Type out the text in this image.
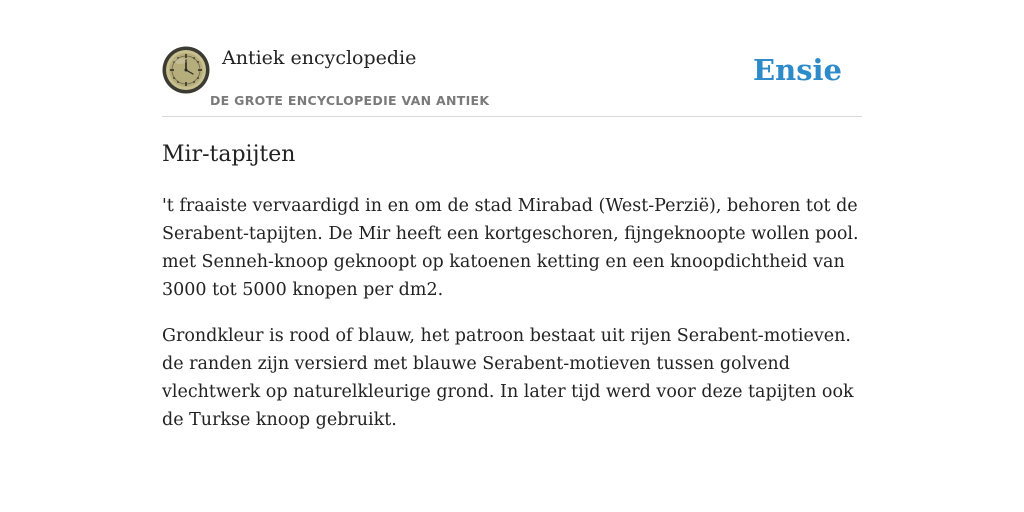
Antiek encyclopedie
DE GROTE ENCYCLOPEDIE VAN ANTIEK
Ensie
Mir-tapijten

't fraaiste vervaardigd in en om de stad Mirabad (West-Perzië), behoren tot de Serabent-tapijten. De Mir heeft een kortgeschoren, fijngeknoopte wollen pool. met Senneh-knoop geknoopt op katoenen ketting en een knoopdichtheid van 3000 tot 5000 knopen per dm2.

Grondkleur is rood of blauw, het patroon bestaat uit rijen Serabent-motieven. de randen zijn versierd met blauwe Serabent-motieven tussen golvend vlechtwerk op naturelkleurige grond. In later tijd werd voor deze tapijten ook de Turkse knoop gebruikt.
